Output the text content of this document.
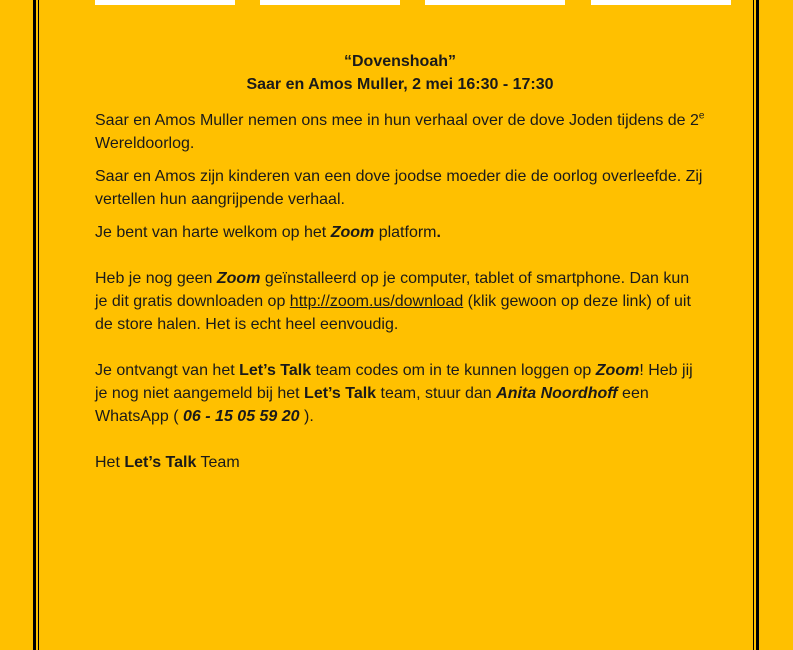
“Dovenshoah”
Saar en Amos Muller, 2 mei 16:30 - 17:30

Saar en Amos Muller nemen ons mee in hun verhaal over de dove Joden tijdens de 2e Wereldoorlog.

Saar en Amos zijn kinderen van een dove joodse moeder die de oorlog overleefde. Zij vertellen hun aangrijpende verhaal.

Je bent van harte welkom op het Zoom platform.

Heb je nog geen Zoom geïnstalleerd op je computer, tablet of smartphone. Dan kun je dit gratis downloaden op http://zoom.us/download (klik gewoon op deze link) of uit de store halen. Het is echt heel eenvoudig.

Je ontvangt van het Let’s Talk team codes om in te kunnen loggen op Zoom! Heb jij je nog niet aangemeld bij het Let’s Talk team, stuur dan Anita Noordhoff een WhatsApp ( 06 - 15 05 59 20 ).

Het Let’s Talk Team
